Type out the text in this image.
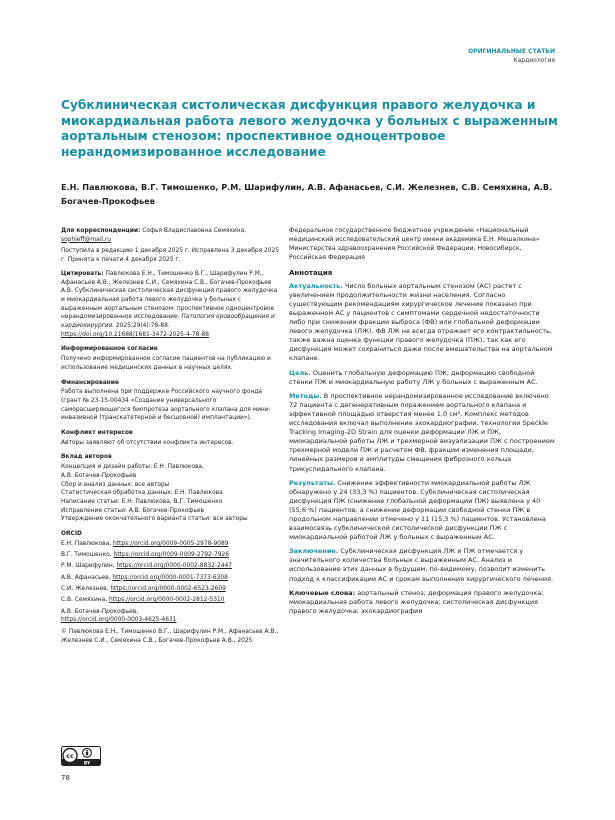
ОРИГИНАЛЬНЫЕ СТАТЬИ
Кардиология
Субклиническая систолическая дисфункция правого желудочка и миокардиальная работа левого желудочка у больных с выраженным аортальным стенозом: проспективное одноцентровое нерандомизированное исследование

Е.Н. Павлюкова, В.Г. Тимошенко, Р.М. Шарифулин, А.В. Афанасьев, С.И. Железнев, С.В. Семяхина, А.В. Богачев-Прокофьев

Для корреспонденции: Софья Владиславовна Семяхина,
sophieff@mail.ru

Поступила в редакцию 1 декабря 2025 г. Исправлена 3 декабря 2025 г. Принята к печати 4 декабря 2025 г.

Цитировать: Павлюкова Е.Н., Тимошенко В.Г., Шарифулин Р.М., Афанасьев А.В., Железнев С.И., Семяхина С.В., Богачев-Прокофьев А.В. Субклиническая систолическая дисфункция правого желудочка и миокардиальная работа левого желудочка у больных с выраженным аортальным стенозом: проспективное одноцентровое нерандомизированное исследование. Патология кровообращения и кардиохирургия. 2025;29(4):78-88.
https://doi.org/10.21688/1681-3472-2025-4-78-88

Информированное согласие

Получено информированное согласие пациентов на публикацию и использование медицинских данных в научных целях.

Финансирование

Работа выполнена при поддержке Российского научного фонда (грант № 23-15-00434 «Создание универсального саморасширяющегося биопротеза аортального клапана для мини-инвазивной (транскатетерной и бесшовной) имплантации»).

Конфликт интересов

Авторы заявляют об отсутствии конфликта интересов.

Вклад авторов

Концепция и дизайн работы: Е.Н. Павлюкова,

А.В. Богачев-Прокофьев

Сбор и анализ данных: все авторы

Статистическая обработка данных: Е.Н. Павлюкова

Написание статьи: Е.Н. Павлюкова, В.Г. Тимошенко

Исправление статьи: А.В. Богачев-Прокофьев

Утверждение окончательного варианта статьи: все авторы

ORCID

Е.Н. Павлюкова, https://orcid.org/0009-0005-2978-9089

В.Г. Тимошенко, https://orcid.org/0009-0009-2792-7926

Р.М. Шарифулин, https://orcid.org/0000-0002-8832-2447

А.В. Афанасьев, https://orcid.org/0000-0001-7373-6308

С.И. Железнев, https://orcid.org/0000-0002-6523-2609

С.В. Семяхина, https://orcid.org/0000-0002-2812-5310

А.В. Богачев-Прокофьев,
https://orcid.org/0000-0003-4625-4631

© Павлюкова Е.Н., Тимошенко В.Г., Шарифулин Р.М., Афанасьев А.В., Железнев С.И., Семяхина С.В., Богачев-Прокофьев А.В., 2025

Федеральное государственное бюджетное учреждение «Национальный медицинский исследовательский центр имени академика Е.Н. Мешалкина» Министерства здравоохранения Российской Федерации, Новосибирск, Российская Федерация

Аннотация

Актуальность. Число больных аортальным стенозом (АС) растет с увеличением продолжительности жизни населения. Согласно существующим рекомендациям хирургическое лечение показано при выраженном АС у пациентов с симптомами сердечной недостаточности либо при снижении фракции выброса (ФВ) или глобальной деформации левого желудочка (ЛЖ). ФВ ЛЖ не всегда отражает его контрактильность, также важна оценка функции правого желудочка (ПЖ), так как его дисфункция может сохраниться даже после вмешательства на аортальном клапане.

Цель. Оценить глобальную деформацию ПЖ, деформацию свободной стенки ПЖ и миокардиальную работу ЛЖ у больных с выраженным АС.

Методы. В проспективное нерандомизированное исследование включено 72 пациента с дегенеративным поражением аортального клапана и эффективной площадью отверстия менее 1,0 см². Комплекс методов исследования включал выполнение эхокардиографии, технологии Speckle Tracking Imaging-2D Strain для оценки деформации ЛЖ и ПЖ, миокардиальной работы ЛЖ и трехмерной визуализации ПЖ с построением трехмерной модели ПЖ и расчетом ФВ, фракции изменения площади, линейных размеров и амплитуды смещения фиброзного кольца трикуспидального клапана.

Результаты. Снижение эффективности миокардиальной работы ЛЖ обнаружено у 24 (33,3 %) пациентов. Субклиническая систолическая дисфункция ПЖ (снижение глобальной деформации ПЖ) выявлена у 40 (55,6 %) пациентов, а снижение деформации свободной стенки ПЖ в продольном направлении отмечено у 11 (15,3 %) пациентов. Установлена взаимосвязь субклинической систолической дисфункции ПЖ с миокардиальной работой ЛЖ у больных с выраженным АС.

Заключение. Субклиническая дисфункция ЛЖ и ПЖ отмечается у значительного количества больных с выраженным АС. Анализ и использование этих данных в будущем, по-видимому, позволит изменить подход к классификации АС и срокам выполнения хирургического лечения.

Ключевые слова: аортальный стеноз; деформация правого желудочка; миокардиальная работа левого желудочка; систолическая дисфункция правого желудочка; эхокардиография

cc
BY
78
